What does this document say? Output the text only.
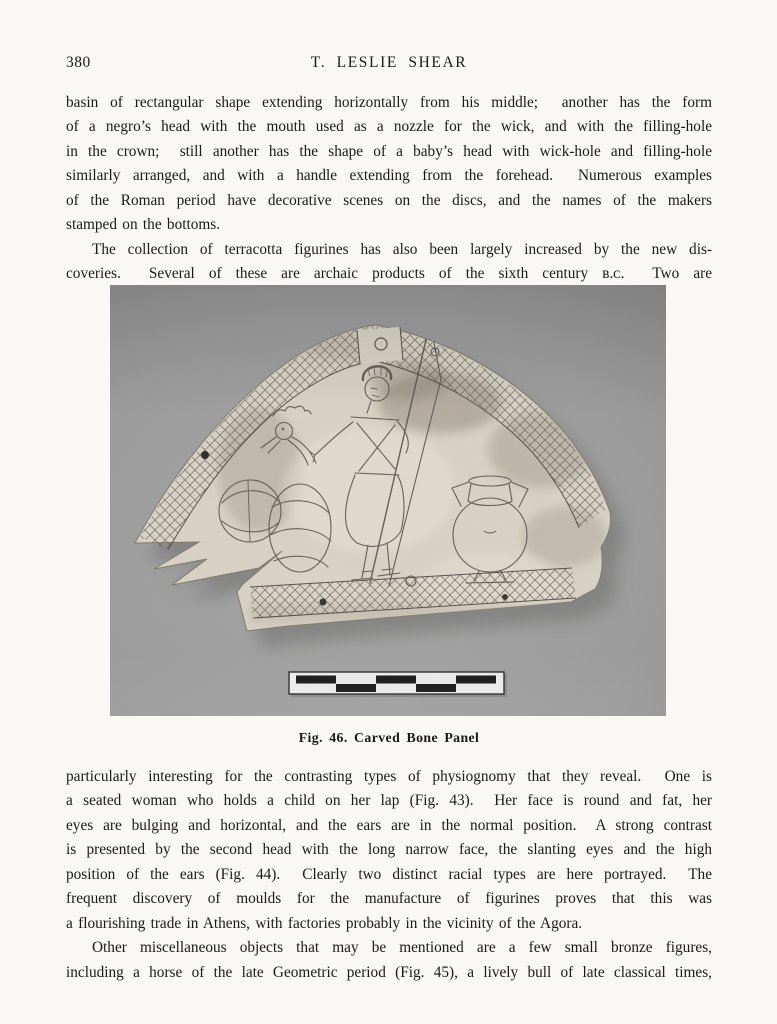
380	T. LESLIE SHEAR
basin of rectangular shape extending horizontally from his middle;  another has the form
of a negro’s head with the mouth used as a nozzle for the wick, and with the filling-hole
in the crown;  still another has the shape of a baby’s head with wick-hole and filling-hole
similarly arranged, and with a handle extending from the forehead.  Numerous examples
of the Roman period have decorative scenes on the discs, and the names of the makers
stamped on the bottoms.
The collection of terracotta figurines has also been largely increased by the new dis-
coveries.  Several of these are archaic products of the sixth century ʙ.ᴄ.  Two are
Fig. 46. Carved Bone Panel
particularly interesting for the contrasting types of physiognomy that they reveal.  One is
a seated woman who holds a child on her lap (Fig. 43).  Her face is round and fat, her
eyes are bulging and horizontal, and the ears are in the normal position.  A strong contrast
is presented by the second head with the long narrow face, the slanting eyes and the high
position of the ears (Fig. 44).  Clearly two distinct racial types are here portrayed.  The
frequent discovery of moulds for the manufacture of figurines proves that this was
a flourishing trade in Athens, with factories probably in the vicinity of the Agora.
Other miscellaneous objects that may be mentioned are a few small bronze figures,
including a horse of the late Geometric period (Fig. 45), a lively bull of late classical times,
